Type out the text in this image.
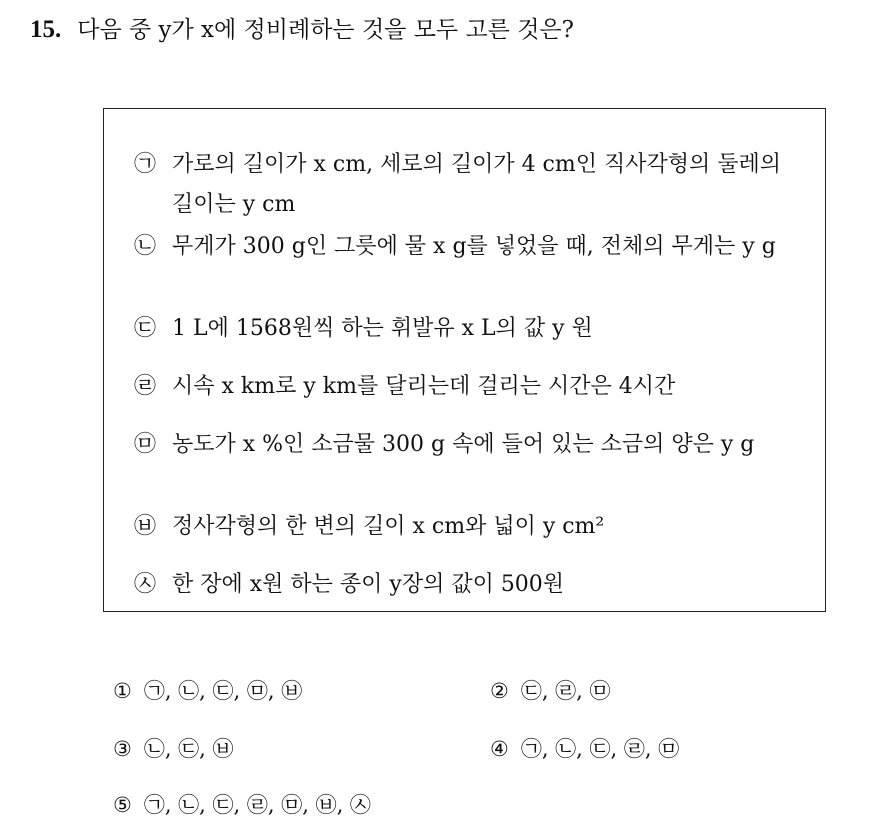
15. 다음 중 y가 x에 정비례하는 것을 모두 고른 것은?
㉠ 가로의 길이가 x cm, 세로의 길이가 4 cm인 직사각형의 둘레의 길이는 y cm
㉡ 무게가 300 g인 그릇에 물 x g를 넣었을 때, 전체의 무게는 y g
㉢ 1 L에 1568원씩 하는 휘발유 x L의 값 y 원
㉣ 시속 x km로 y km를 달리는데 걸리는 시간은 4시간
㉤ 농도가 x %인 소금물 300 g 속에 들어 있는 소금의 양은 y g
㉥ 정사각형의 한 변의 길이 x cm와 넓이 y cm²
㉦ 한 장에 x원 하는 종이 y장의 값이 500원
① ㉠, ㉡, ㉢, ㉤, ㉥	② ㉢, ㉣, ㉤
③ ㉡, ㉢, ㉥	④ ㉠, ㉡, ㉢, ㉣, ㉤
⑤ ㉠, ㉡, ㉢, ㉣, ㉤, ㉥, ㉦
